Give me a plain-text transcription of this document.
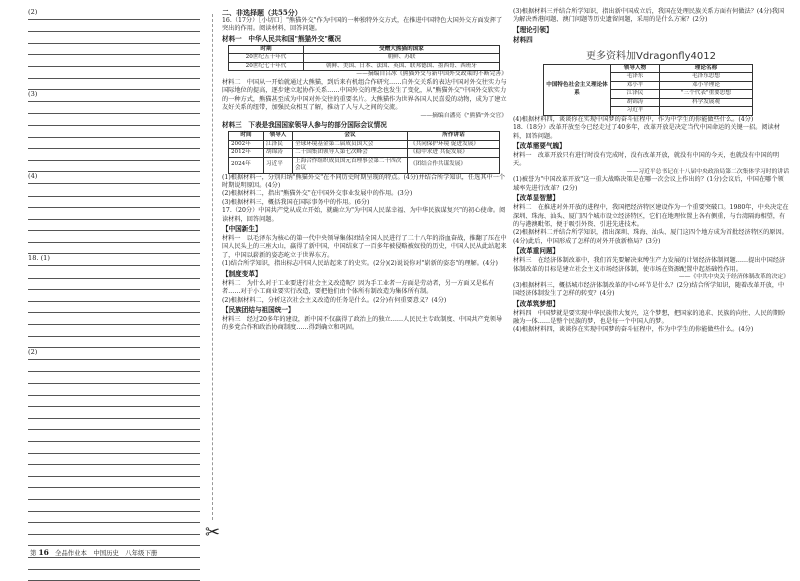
✂
(2)
(3)
(4)
18. (1)
(2)
二、非选择题（共55分）

16.（17分）［小切口］"熊猫外交"作为中国的一种独特外交方式，在推进中国特色大国外交方面发挥了突出的作用。阅读材料，回答问题。

材料一　中华人民共和国"熊猫外交"概况
时期	受赠大熊猫的国家
20世纪五十年代	朝鲜、苏联
20世纪七十年代	朝鲜、美国、日本、法国、英国、联邦德国、墨西哥、西班牙
——摘编自吕冰《熊猫外交与新中国外交政策的不断完善》

材料二　中国从一开始就通过大熊猫，到后来有机组合作研究……自外交关系的表达中国对外交往实力与国际地位的提高，逐步建立起协作关系……中国外交的理念也发生了变化，从"熊猫外交"中国外交软实力的一种方式，熊猫甚至成为中国对外交往的重要名片。大熊猫作为世界各国人民喜爱的动物，成为了建立友好关系的纽带，加强民众相互了解，推动了人与人之间的交流。

——摘编自潘亮《"熊猫"外交官》
材料三　下表是我国国家领导人参与的部分国际会议情况
时间	领导人	会议	所作讲话
2002年	江泽民	全球环境基金第二届成员国大会	《共同保护环境 促进发展》
2012年	胡锦涛	二十国集团领导人第七次峰会	《稳中求进 共促发展》
2024年	习近平	上海合作组织成员国元首理事会第二十四次会议	《团结合作共谋发展》

(1)根据材料一，分别归纳"熊猫外交"在不同历史时期呈现的特点。(4分)并结合所学知识，任选其中一个时期说明原因。(4分)

(2)根据材料二，指出"熊猫外交"在中国外交事业发展中的作用。(3分)

(3)根据材料三，概括我国在国际事务中的作用。(6分)

17.（20分）中国共产党从成立开始，就确立为"为中国人民谋幸福、为中华民族谋复兴"的初心使命。阅读材料，回答问题。

【中国新生】

材料一　以毛泽东为核心的第一代中央领导集体团结全国人民进行了二十八年的浴血奋战，推翻了压在中国人民头上的三座大山，赢得了新中国，中国结束了一百多年被侵略被奴役的历史，中国人民从此站起来了，中国以崭新的姿态屹立于世界东方。

(1)结合所学知识，指出标志中国人民站起来了的史实。(2分)(2)说说你对"崭新的姿态"的理解。(4分)

【制度变革】

材料二　为什么对于工业要进行社会主义改造呢？因为手工业者一方面是劳动者，另一方面又是私有者……对于小工商业要实行改造，要把他们由个体所有制改造为集体所有制。

(2)根据材料二，分析这次社会主义改造的任务是什么。(2分)有何重要意义？(4分)

【民族团结与祖国统一】

材料三　经过20多年的建设，新中国不仅赢得了政治上的独立……人民民主专政制度、中国共产党领导的多党合作和政治协商制度……得到确立和巩固。

(3)根据材料三并结合所学知识，指出新中国成立后，我国在处理民族关系方面有何做法？(4分)我国为解决香港问题、澳门问题等历史遗留问题，采用的是什么方案？(2分)

【理论引领】
材料四
更多资料加Vdragonfly4012
中国特色社会主义理论体系	领导人物	理论名称
	毛泽东	毛泽东思想
	邓小平	邓小平理论
	江泽民	"三个代表"重要思想
	胡锦涛	科学发展观
	习近平	

(4)根据材料四，谈谈你在实现中国梦的奋斗征程中，作为中学生的你能做些什么。(4分)

18.（18分）改革开放至今已经走过了40多年，改革开放是决定当代中国命运的关键一招。阅读材料，回答问题。

【改革需要气魄】

材料一　改革开放只有进行时没有完成时，没有改革开放，就没有中国的今天，也就没有中国的明天。

——习近平总书记在十八届中央政治局第二次集体学习时的讲话

(1)被誉为"中国改革开放"这一重大战略决策是在哪一次会议上作出的？(1分)会议后，中国在哪个领域率先进行改革？(2分)

【改革显智慧】

材料二　在推进对外开放的进程中，我国把经济特区建设作为一个重要突破口。1980年，中央决定在深圳、珠海、汕头、厦门四个城市设立经济特区，它们在地理位置上各有侧重，与台湾隔海相望，有的与港澳毗邻，便于吸引外资、引进先进技术。

(2)根据材料二并结合所学知识，指出深圳、珠海、汕头、厦门这四个地方成为首批经济特区的原因。(4分)此后，中国形成了怎样的对外开放新格局？(3分)

【改革重问题】

材料三　在经济体制改革中，我们首先要解决束缚生产力发展的计划经济体制问题……提出中国经济体制改革的目标是建立社会主义市场经济体制，使市场在资源配置中起基础性作用。

——《中共中央关于经济体制改革的决定》

(3)根据材料三，概括城市经济体制改革的中心环节是什么？(2分)结合所学知识，随着改革开放，中国经济体制发生了怎样的转变？(4分)

【改革筑梦想】

材料四　中国梦就是要实现中华民族伟大复兴，这个梦想，把国家的追求、民族的向往、人民的期盼融为一体……是整个民族的梦，也是每一个中国人的梦。

(4)根据材料四，谈谈你在实现中国梦的奋斗征程中，作为中学生的你能做些什么。(4分)

第 16 全品作业本　中国历史　八年级下册
